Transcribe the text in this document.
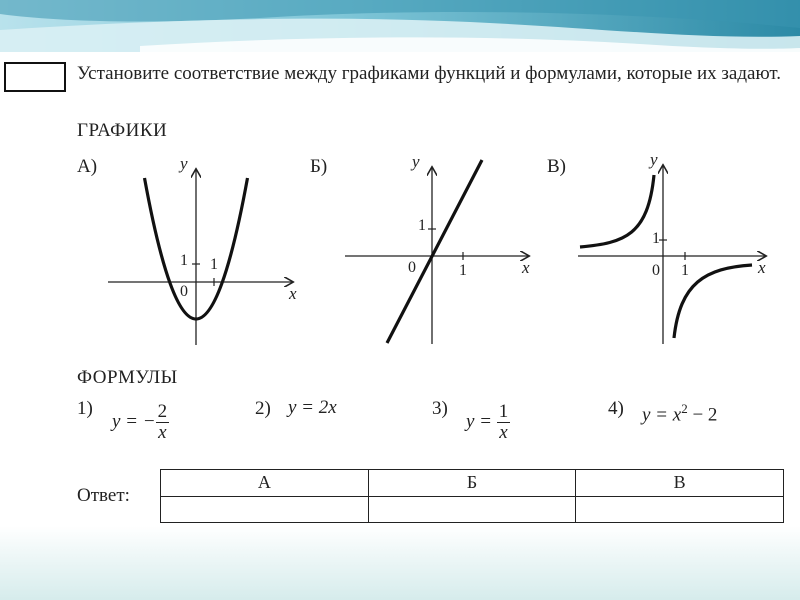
Установите соответствие между графиками функций и формулами, которые их задают.
ГРАФИКИ
А)	Б)	В)
y
x
1 1
0
y
x
1
1
0
y
x
1
1
0
ФОРМУЛЫ
1)
y = − $\frac{2}{x}$	2) y = 2x	3)
$y = \frac{1}{x}$	4) $y = x^2 - 2$
Ответ:
А	Б	В
